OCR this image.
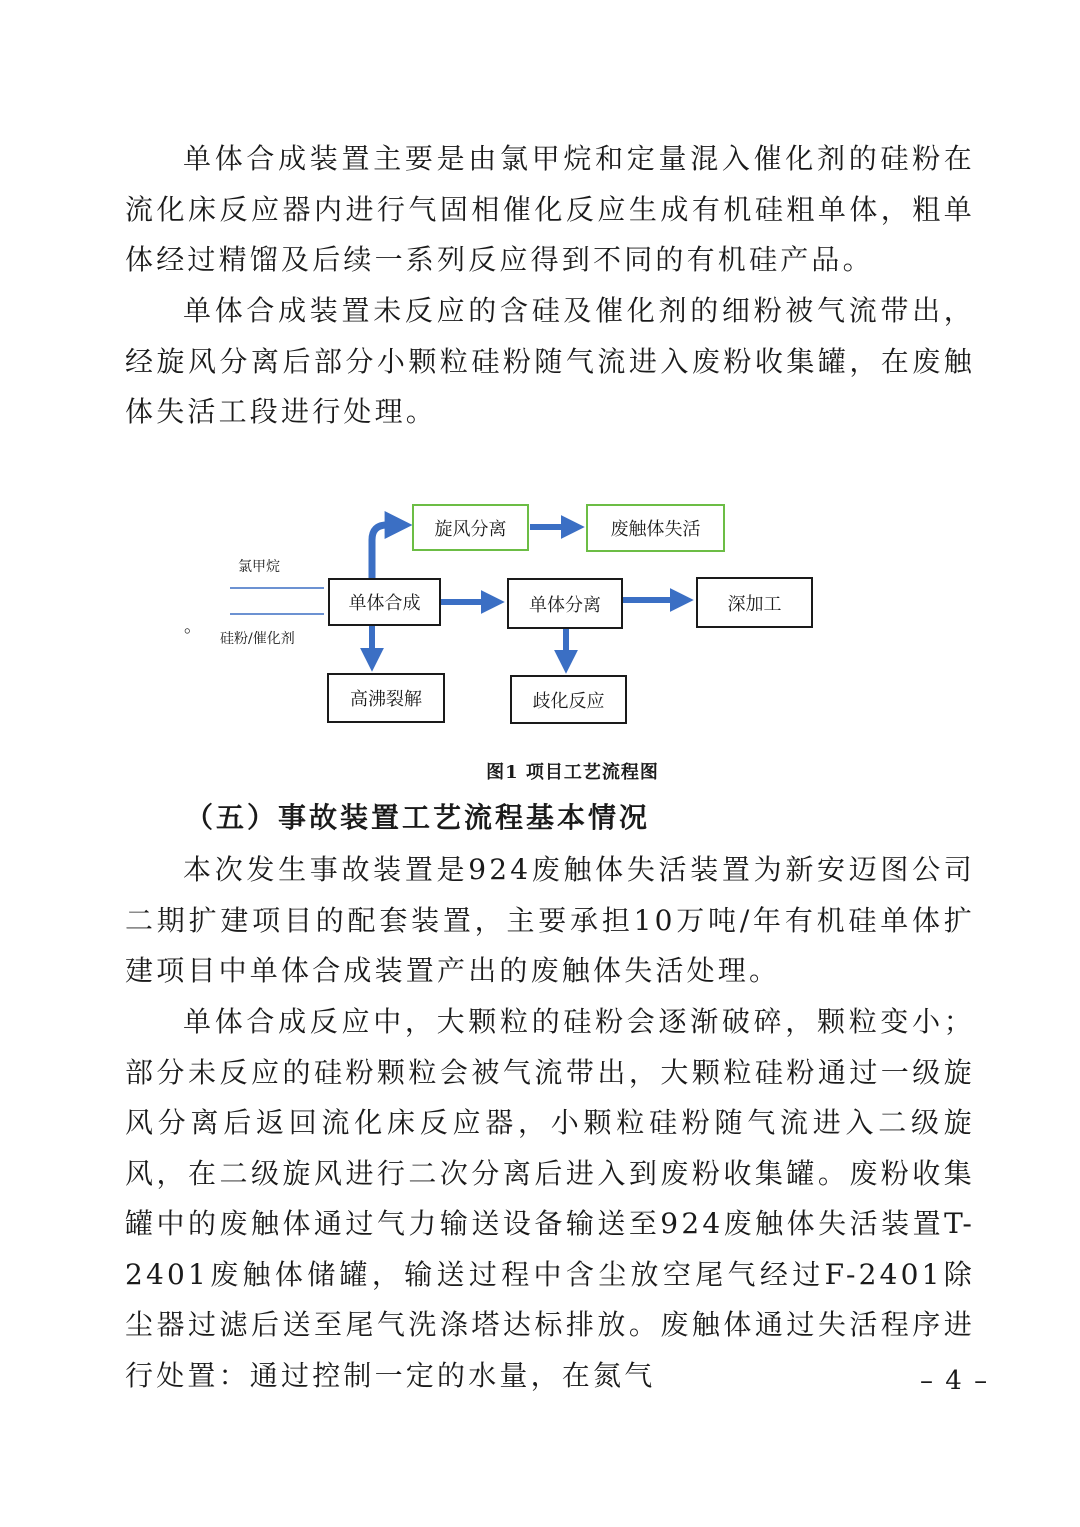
单体合成装置主要是由氯甲烷和定量混入催化剂的硅粉在流化床反应器内进行气固相催化反应生成有机硅粗单体，粗单体经过精馏及后续一系列反应得到不同的有机硅产品。

单体合成装置未反应的含硅及催化剂的细粉被气流带出，经旋风分离后部分小颗粒硅粉随气流进入废粉收集罐，在废触体失活工段进行处理。

氯甲烷
硅粉/催化剂
。
旋风分离	废触体失活
单体合成	单体分离	深加工
高沸裂解	歧化反应
图1 项目工艺流程图

（五）事故装置工艺流程基本情况

本次发生事故装置是924废触体失活装置为新安迈图公司二期扩建项目的配套装置，主要承担10万吨/年有机硅单体扩建项目中单体合成装置产出的废触体失活处理。

单体合成反应中，大颗粒的硅粉会逐渐破碎，颗粒变小；部分未反应的硅粉颗粒会被气流带出，大颗粒硅粉通过一级旋风分离后返回流化床反应器，小颗粒硅粉随气流进入二级旋风，在二级旋风进行二次分离后进入到废粉收集罐。废粉收集罐中的废触体通过气力输送设备输送至924废触体失活装置T-2401废触体储罐，输送过程中含尘放空尾气经过F-2401除尘器过滤后送至尾气洗涤塔达标排放。废触体通过失活程序进行处置：通过控制一定的水量，在氮气	– 4 –
